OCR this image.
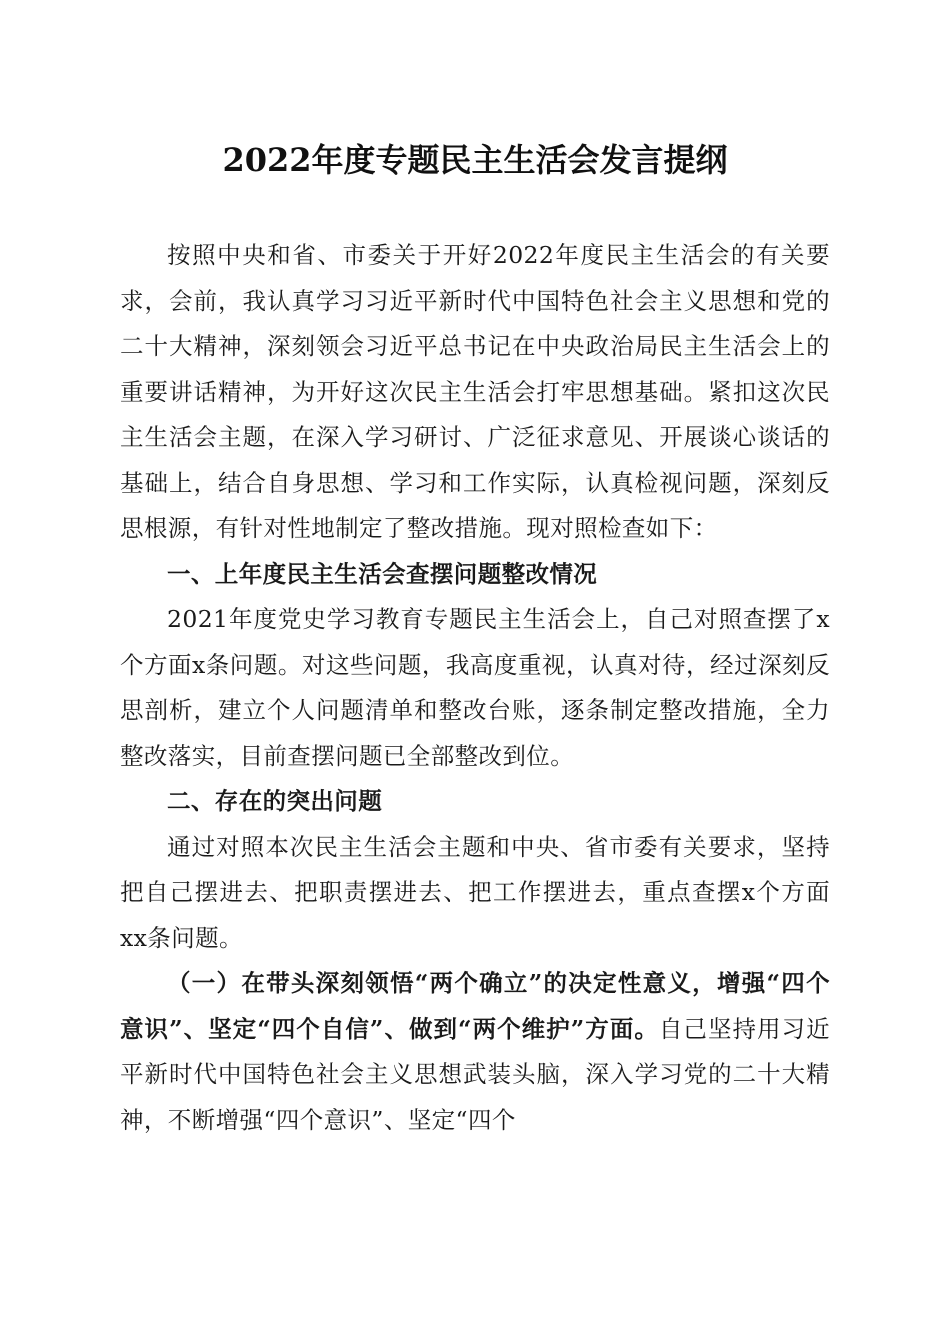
2022年度专题民主生活会发言提纲

按照中央和省、市委关于开好2022年度民主生活会的有关要求，会前，我认真学习习近平新时代中国特色社会主义思想和党的二十大精神，深刻领会习近平总书记在中央政治局民主生活会上的重要讲话精神，为开好这次民主生活会打牢思想基础。紧扣这次民主生活会主题，在深入学习研讨、广泛征求意见、开展谈心谈话的基础上，结合自身思想、学习和工作实际，认真检视问题，深刻反思根源，有针对性地制定了整改措施。现对照检查如下：

一、上年度民主生活会查摆问题整改情况

2021年度党史学习教育专题民主生活会上，自己对照查摆了x个方面x条问题。对这些问题，我高度重视，认真对待，经过深刻反思剖析，建立个人问题清单和整改台账，逐条制定整改措施，全力整改落实，目前查摆问题已全部整改到位。

二、存在的突出问题

通过对照本次民主生活会主题和中央、省市委有关要求，坚持把自己摆进去、把职责摆进去、把工作摆进去，重点查摆x个方面xx条问题。

（一）在带头深刻领悟“两个确立”的决定性意义，增强“四个意识”、坚定“四个自信”、做到“两个维护”方面。自己坚持用习近平新时代中国特色社会主义思想武装头脑，深入学习党的二十大精神，不断增强“四个意识”、坚定“四个
